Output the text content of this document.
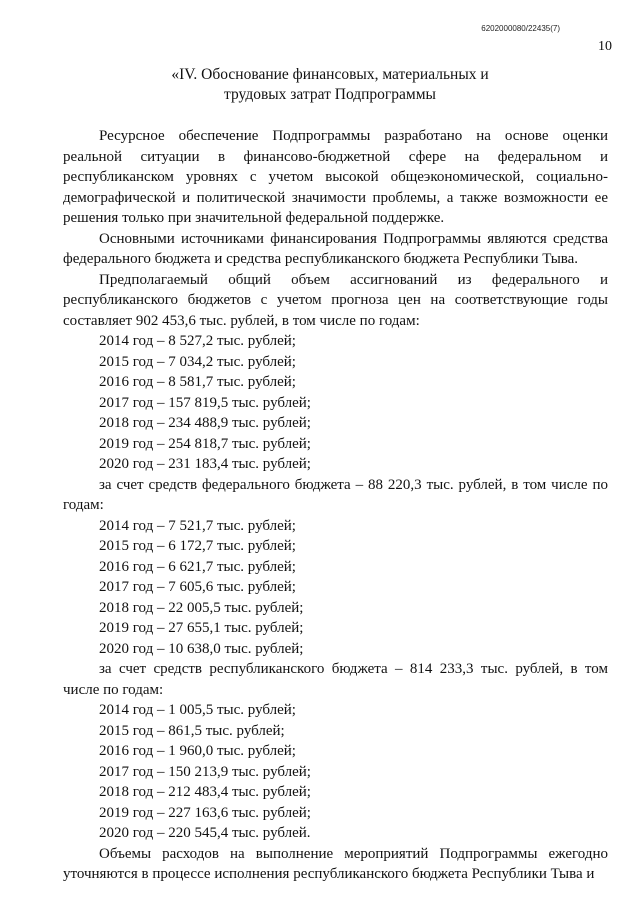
6202000080/22435(7)
10
«IV. Обоснование финансовых, материальных и
трудовых затрат Подпрограммы

Ресурсное обеспечение Подпрограммы разработано на основе оценки реальной ситуации в финансово-бюджетной сфере на федеральном и республиканском уровнях с учетом высокой общеэкономической, социально-демографической и политической значимости проблемы, а также возможности ее решения только при значительной федеральной поддержке.

Основными источниками финансирования Подпрограммы являются средства федерального бюджета и средства республиканского бюджета Республики Тыва.

Предполагаемый общий объем ассигнований из федерального и республиканского бюджетов с учетом прогноза цен на соответствующие годы составляет 902 453,6 тыс. рублей, в том числе по годам:

2014 год – 8 527,2 тыс. рублей;
2015 год – 7 034,2 тыс. рублей;
2016 год – 8 581,7 тыс. рублей;
2017 год – 157 819,5 тыс. рублей;
2018 год – 234 488,9 тыс. рублей;
2019 год – 254 818,7 тыс. рублей;
2020 год – 231 183,4 тыс. рублей;

за счет средств федерального бюджета – 88 220,3 тыс. рублей, в том числе по годам:

2014 год – 7 521,7 тыс. рублей;
2015 год – 6 172,7 тыс. рублей;
2016 год – 6 621,7 тыс. рублей;
2017 год – 7 605,6 тыс. рублей;
2018 год – 22 005,5 тыс. рублей;
2019 год – 27 655,1 тыс. рублей;
2020 год – 10 638,0 тыс. рублей;

за счет средств республиканского бюджета – 814 233,3 тыс. рублей, в том числе по годам:

2014 год – 1 005,5 тыс. рублей;
2015 год – 861,5 тыс. рублей;
2016 год – 1 960,0 тыс. рублей;
2017 год – 150 213,9 тыс. рублей;
2018 год – 212 483,4 тыс. рублей;
2019 год – 227 163,6 тыс. рублей;
2020 год – 220 545,4 тыс. рублей.

Объемы расходов на выполнение мероприятий Подпрограммы ежегодно уточняются в процессе исполнения республиканского бюджета Республики Тыва и
